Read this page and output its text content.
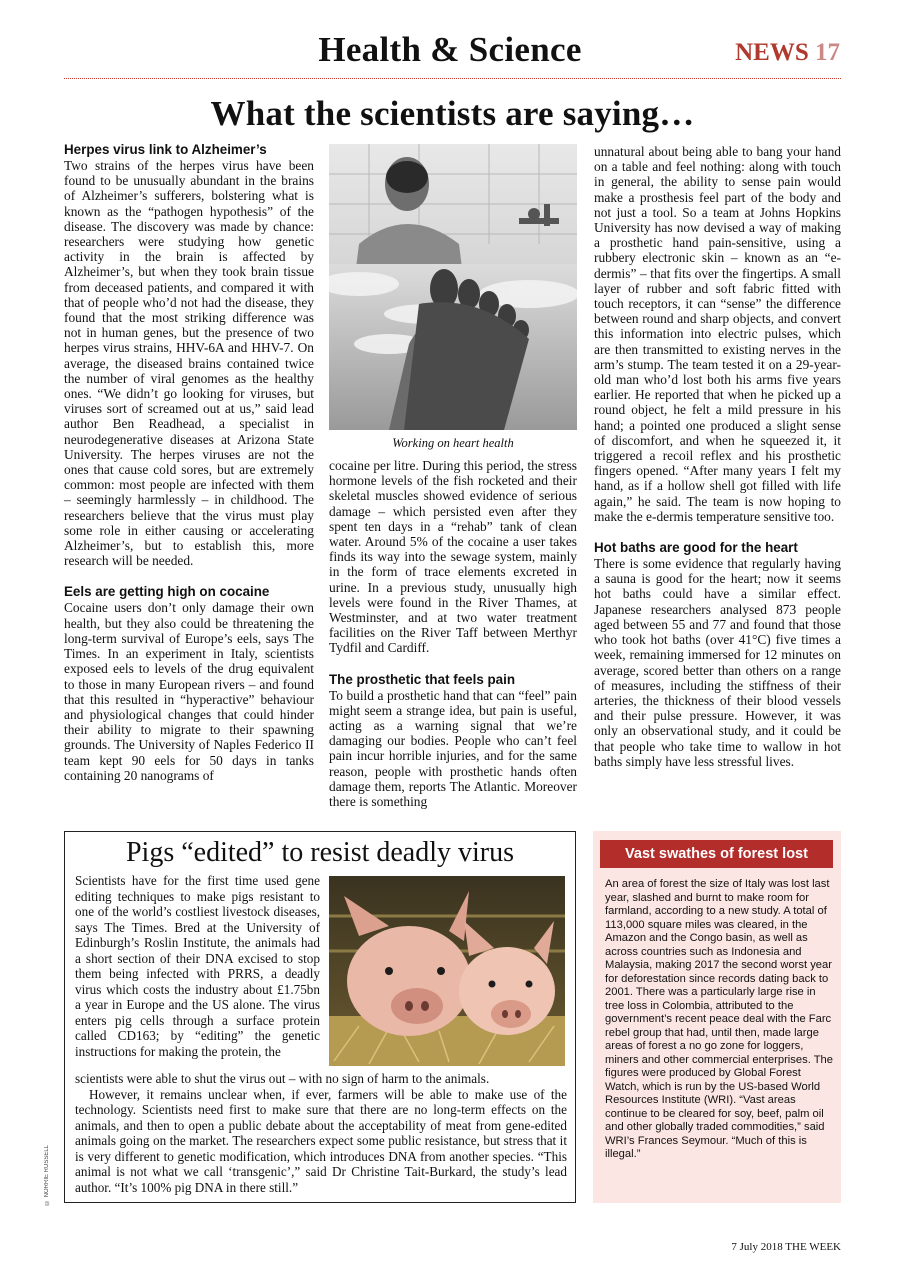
Health & Science	NEWS 17
What the scientists are saying…
Herpes virus link to Alzheimer’s

Two strains of the herpes virus have been found to be unusually abundant in the brains of Alzheimer’s sufferers, bolstering what is known as the “pathogen hypothesis” of the disease. The discovery was made by chance: researchers were studying how genetic activity in the brain is affected by Alzheimer’s, but when they took brain tissue from deceased patients, and compared it with that of people who’d not had the disease, they found that the most striking difference was not in human genes, but the presence of two herpes virus strains, HHV-6A and HHV-7. On average, the diseased brains contained twice the number of viral genomes as the healthy ones. “We didn’t go looking for viruses, but viruses sort of screamed out at us,” said lead author Ben Readhead, a specialist in neurodegenerative diseases at Arizona State University. The herpes viruses are not the ones that cause cold sores, but are extremely common: most people are infected with them – seemingly harmlessly – in childhood. The researchers believe that the virus must play some role in either causing or accelerating Alzheimer’s, but to establish this, more research will be needed.

Eels are getting high on cocaine

Cocaine users don’t only damage their own health, but they also could be threatening the long-term survival of Europe’s eels, says The Times. In an experiment in Italy, scientists exposed eels to levels of the drug equivalent to those in many European rivers – and found that this resulted in “hyperactive” behaviour and physiological changes that could hinder their ability to migrate to their spawning grounds. The University of Naples Federico II team kept 90 eels for 50 days in tanks containing 20 nanograms of

Working on heart health

cocaine per litre. During this period, the stress hormone levels of the fish rocketed and their skeletal muscles showed evidence of serious damage – which persisted even after they spent ten days in a “rehab” tank of clean water. Around 5% of the cocaine a user takes finds its way into the sewage system, mainly in the form of trace elements excreted in urine. In a previous study, unusually high levels were found in the River Thames, at Westminster, and at two water treatment facilities on the River Taff between Merthyr Tydfil and Cardiff.

The prosthetic that feels pain

To build a prosthetic hand that can “feel” pain might seem a strange idea, but pain is useful, acting as a warning signal that we’re damaging our bodies. People who can’t feel pain incur horrible injuries, and for the same reason, people with prosthetic hands often damage them, reports The Atlantic. Moreover there is something

unnatural about being able to bang your hand on a table and feel nothing: along with touch in general, the ability to sense pain would make a prosthesis feel part of the body and not just a tool. So a team at Johns Hopkins University has now devised a way of making a prosthetic hand pain-sensitive, using a rubbery electronic skin – known as an “e-dermis” – that fits over the fingertips. A small layer of rubber and soft fabric fitted with touch receptors, it can “sense” the difference between round and sharp objects, and convert this information into electric pulses, which are then transmitted to existing nerves in the arm’s stump. The team tested it on a 29-year-old man who’d lost both his arms five years earlier. He reported that when he picked up a round object, he felt a mild pressure in his hand; a pointed one produced a slight sense of discomfort, and when he squeezed it, it triggered a recoil reflex and his prosthetic fingers opened. “After many years I felt my hand, as if a hollow shell got filled with life again,” he said. The team is now hoping to make the e-dermis temperature sensitive too.

Hot baths are good for the heart

There is some evidence that regularly having a sauna is good for the heart; now it seems hot baths could have a similar effect. Japanese researchers analysed 873 people aged between 55 and 77 and found that those who took hot baths (over 41°C) five times a week, remaining immersed for 12 minutes on average, scored better than others on a range of measures, including the stiffness of their arteries, the thickness of their blood vessels and their pulse pressure. However, it was only an observational study, and it could be that people who take time to wallow in hot baths simply have less stressful lives.

Pigs “edited” to resist deadly virus
Scientists have for the first time used gene editing techniques to make pigs resistant to one of the world’s costliest livestock diseases, says The Times. Bred at the University of Edinburgh’s Roslin Institute, the animals had a short section of their DNA excised to stop them being infected with PRRS, a deadly virus which costs the industry about £1.75bn a year in Europe and the US alone. The virus enters pig cells through a surface protein called CD163; by “editing” the genetic instructions for making the protein, the

scientists were able to shut the virus out – with no sign of harm to the animals.

However, it remains unclear when, if ever, farmers will be able to make use of the technology. Scientists need first to make sure that there are no long-term effects on the animals, and then to open a public debate about the acceptability of meat from gene-edited animals going on the market. The researchers expect some public resistance, but stress that it is very different to genetic modification, which introduces DNA from another species. “This animal is not what we call ‘transgenic’,” said Dr Christine Tait-Burkard, the study’s lead author. “It’s 100% pig DNA in there still.”

© NORRIE RUSSELL
Vast swathes of forest lost
An area of forest the size of Italy was lost last year, slashed and burnt to make room for farmland, according to a new study. A total of 113,000 square miles was cleared, in the Amazon and the Congo basin, as well as across countries such as Indonesia and Malaysia, making 2017 the second worst year for deforestation since records dating back to 2001. There was a particularly large rise in tree loss in Colombia, attributed to the government’s recent peace deal with the Farc rebel group that had, until then, made large areas of forest a no go zone for loggers, miners and other commercial enterprises. The figures were produced by Global Forest Watch, which is run by the US-based World Resources Institute (WRI). “Vast areas continue to be cleared for soy, beef, palm oil and other globally traded commodities,” said WRI’s Frances Seymour. “Much of this is illegal.”
7 July 2018 THE WEEK
